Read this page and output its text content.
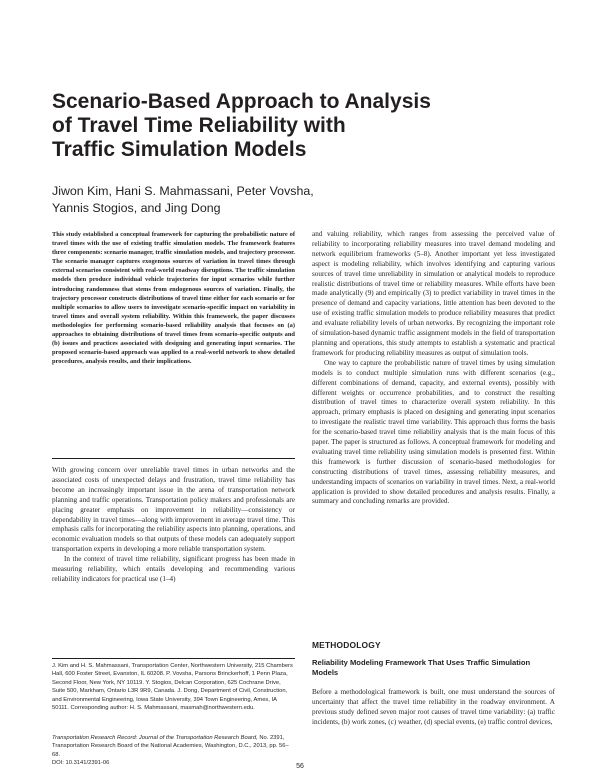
Scenario-Based Approach to Analysis
of Travel Time Reliability with
Traffic Simulation Models
Jiwon Kim, Hani S. Mahmassani, Peter Vovsha,
Yannis Stogios, and Jing Dong

This study established a conceptual framework for capturing the probabilistic nature of travel times with the use of existing traffic simulation models. The framework features three components: scenario manager, traffic simulation models, and trajectory processor. The scenario manager captures exogenous sources of variation in travel times through external scenarios consistent with real-world roadway disruptions. The traffic simulation models then produce individual vehicle trajectories for input scenarios while further introducing randomness that stems from endogenous sources of variation. Finally, the trajectory processor constructs distributions of travel time either for each scenario or for multiple scenarios to allow users to investigate scenario-specific impact on variability in travel times and overall system reliability. Within this framework, the paper discusses methodologies for performing scenario-based reliability analysis that focuses on (a) approaches to obtaining distributions of travel times from scenario-specific outputs and (b) issues and practices associated with designing and generating input scenarios. The proposed scenario-based approach was applied to a real-world network to show detailed procedures, analysis results, and their implications.

With growing concern over unreliable travel times in urban networks and the associated costs of unexpected delays and frustration, travel time reliability has become an increasingly important issue in the arena of transportation network planning and traffic operations. Transportation policy makers and professionals are placing greater emphasis on improvement in reliability—consistency or dependability in travel times—along with improvement in average travel time. This emphasis calls for incorporating the reliability aspects into planning, operations, and economic evaluation models so that outputs of these models can adequately support transportation experts in developing a more reliable transportation system.

In the context of travel time reliability, significant progress has been made in measuring reliability, which entails developing and recommending various reliability indicators for practical use (1–4)

J. Kim and H. S. Mahmassani, Transportation Center, Northwestern University, 215 Chambers Hall, 600 Foster Street, Evanston, IL 60208. P. Vovsha, Parsons Brinckerhoff, 1 Penn Plaza, Second Floor, New York, NY 10119. Y. Stogios, Delcan Corporation, 625 Cochrane Drive, Suite 500, Markham, Ontario L3R 9R9, Canada. J. Dong, Department of Civil, Construction, and Environmental Engineering, Iowa State University, 394 Town Engineering, Ames, IA 50111. Corresponding author: H. S. Mahmassani, masmah@northwestern.edu.

Transportation Research Record: Journal of the Transportation Research Board, No. 2391, Transportation Research Board of the National Academies, Washington, D.C., 2013, pp. 56–68.
DOI: 10.3141/2391-06

and valuing reliability, which ranges from assessing the perceived value of reliability to incorporating reliability measures into travel demand modeling and network equilibrium frameworks (5–8). Another important yet less investigated aspect is modeling reliability, which involves identifying and capturing various sources of travel time unreliability in simulation or analytical models to reproduce realistic distributions of travel time or reliability measures. While efforts have been made analytically (9) and empirically (3) to predict variability in travel times in the presence of demand and capacity variations, little attention has been devoted to the use of existing traffic simulation models to produce reliability measures that predict and evaluate reliability levels of urban networks. By recognizing the important role of simulation-based dynamic traffic assignment models in the field of transportation planning and operations, this study attempts to establish a systematic and practical framework for producing reliability measures as output of simulation tools.

One way to capture the probabilistic nature of travel times by using simulation models is to conduct multiple simulation runs with different scenarios (e.g., different combinations of demand, capacity, and external events), possibly with different weights or occurrence probabilities, and to construct the resulting distribution of travel times to characterize overall system reliability. In this approach, primary emphasis is placed on designing and generating input scenarios to investigate the realistic travel time variability. This approach thus forms the basis for the scenario-based travel time reliability analysis that is the main focus of this paper. The paper is structured as follows. A conceptual framework for modeling and evaluating travel time reliability using simulation models is presented first. Within this framework is further discussion of scenario-based methodologies for constructing distributions of travel times, assessing reliability measures, and understanding impacts of scenarios on variability in travel times. Next, a real-world application is provided to show detailed procedures and analysis results. Finally, a summary and concluding remarks are provided.

METHODOLOGY
Reliability Modeling Framework That Uses Traffic Simulation Models

Before a methodological framework is built, one must understand the sources of uncertainty that affect the travel time reliability in the roadway environment. A previous study defined seven major root causes of travel time variability: (a) traffic incidents, (b) work zones, (c) weather, (d) special events, (e) traffic control devices,

56
